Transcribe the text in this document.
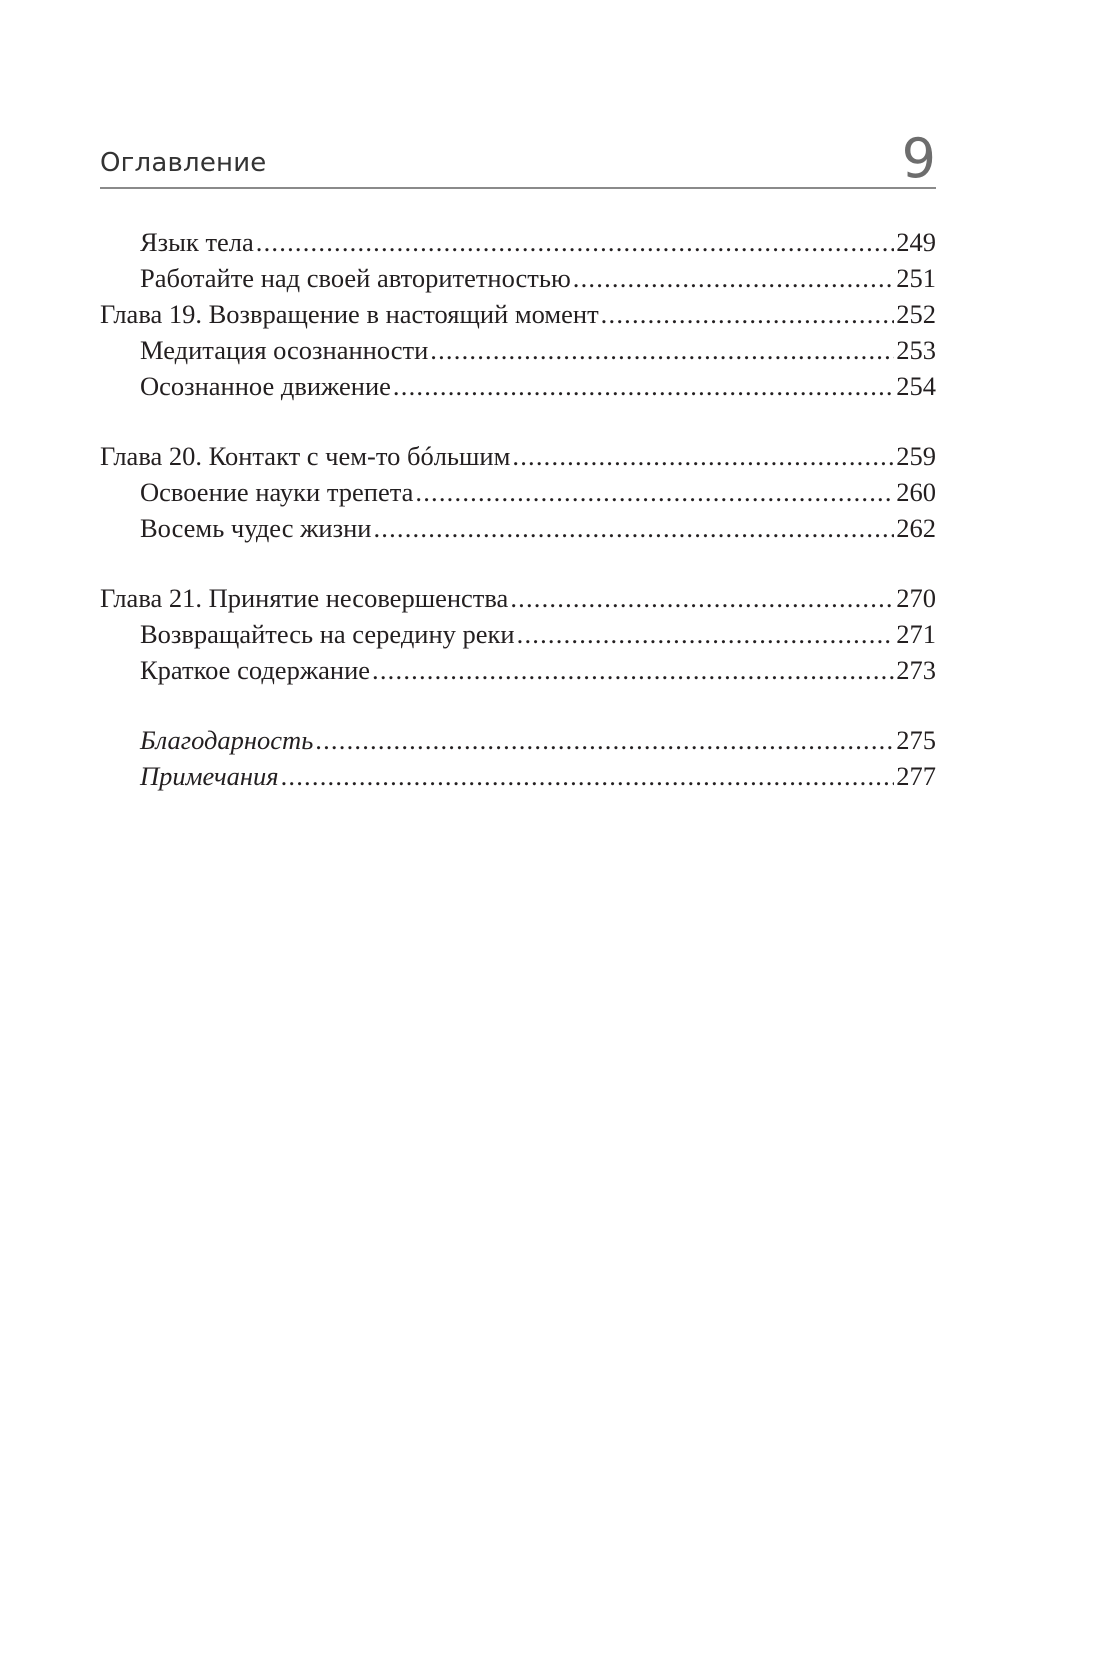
Оглавление	9
Язык тела .....	249
Работайте над своей авторитетностью .....	251
Глава 19. Возвращение в настоящий момент .....	252
Медитация осознанности .....	253
Осознанное движение .....	254
Глава 20. Контакт с чем-то бóльшим .....	259
Освоение науки трепета .....	260
Восемь чудес жизни .....	262
Глава 21. Принятие несовершенства .....	270
Возвращайтесь на середину реки .....	271
Краткое содержание .....	273
Благодарность .....	275
Примечания .....	277
